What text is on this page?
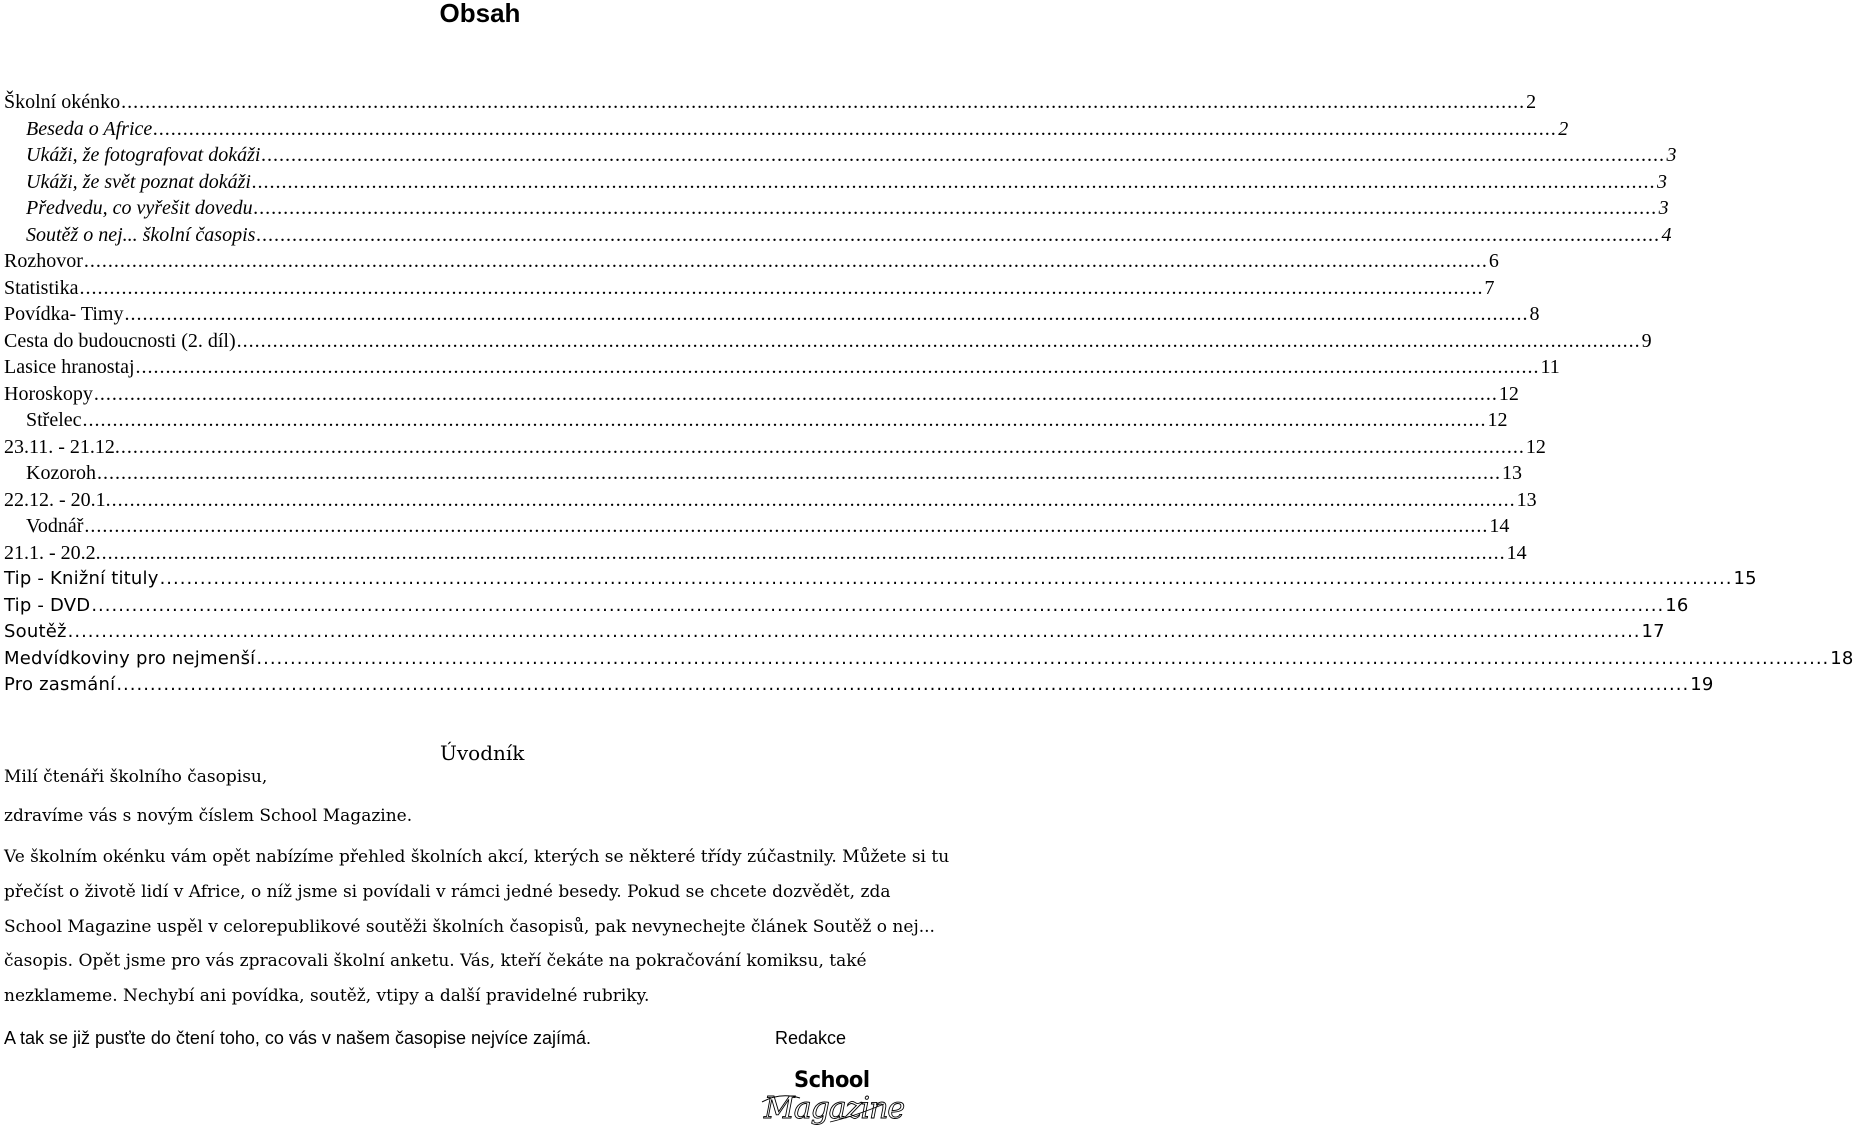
Obsah
Školní okénko .....	2
Beseda o Africe .....	2
Ukáži, že fotografovat dokáži .....	3
Ukáži, že svět poznat dokáži .....	3
Předvedu, co vyřešit dovedu .....	3
Soutěž o nej... školní časopis .....	4
Rozhovor .....	6
Statistika .....	7
Povídka- Timy .....	8
Cesta do budoucnosti (2. díl) .....	9
Lasice hranostaj .....	11
Horoskopy .....	12
Střelec .....	12
23.11. - 21.12. .....	12
Kozoroh .....	13
22.12. - 20.1. .....	13
Vodnář .....	14
21.1. - 20.2. .....	14
Tip - Knižní tituly .....	15
Tip - DVD .....	16
Soutěž .....	17
Medvídkoviny pro nejmenší .....	18
Pro zasmání .....	19
Úvodník
Milí čtenáři školního časopisu,
zdravíme vás s novým číslem School Magazine.
Ve školním okénku vám opět nabízíme přehled školních akcí, kterých se některé třídy zúčastnily. Můžete si tu
přečíst o životě lidí v Africe, o níž jsme si povídali v rámci jedné besedy. Pokud se chcete dozvědět, zda
School Magazine uspěl v celorepublikové soutěži školních časopisů, pak nevynechejte článek Soutěž o nej...
časopis. Opět jsme pro vás zpracovali školní anketu. Vás, kteří čekáte na pokračování komiksu, také
nezklameme. Nechybí ani povídka, soutěž, vtipy a další pravidelné rubriky.
A tak se již pusťte do čtení toho, co vás v našem časopise nejvíce zajímá.	Redakce
School
Magazine
